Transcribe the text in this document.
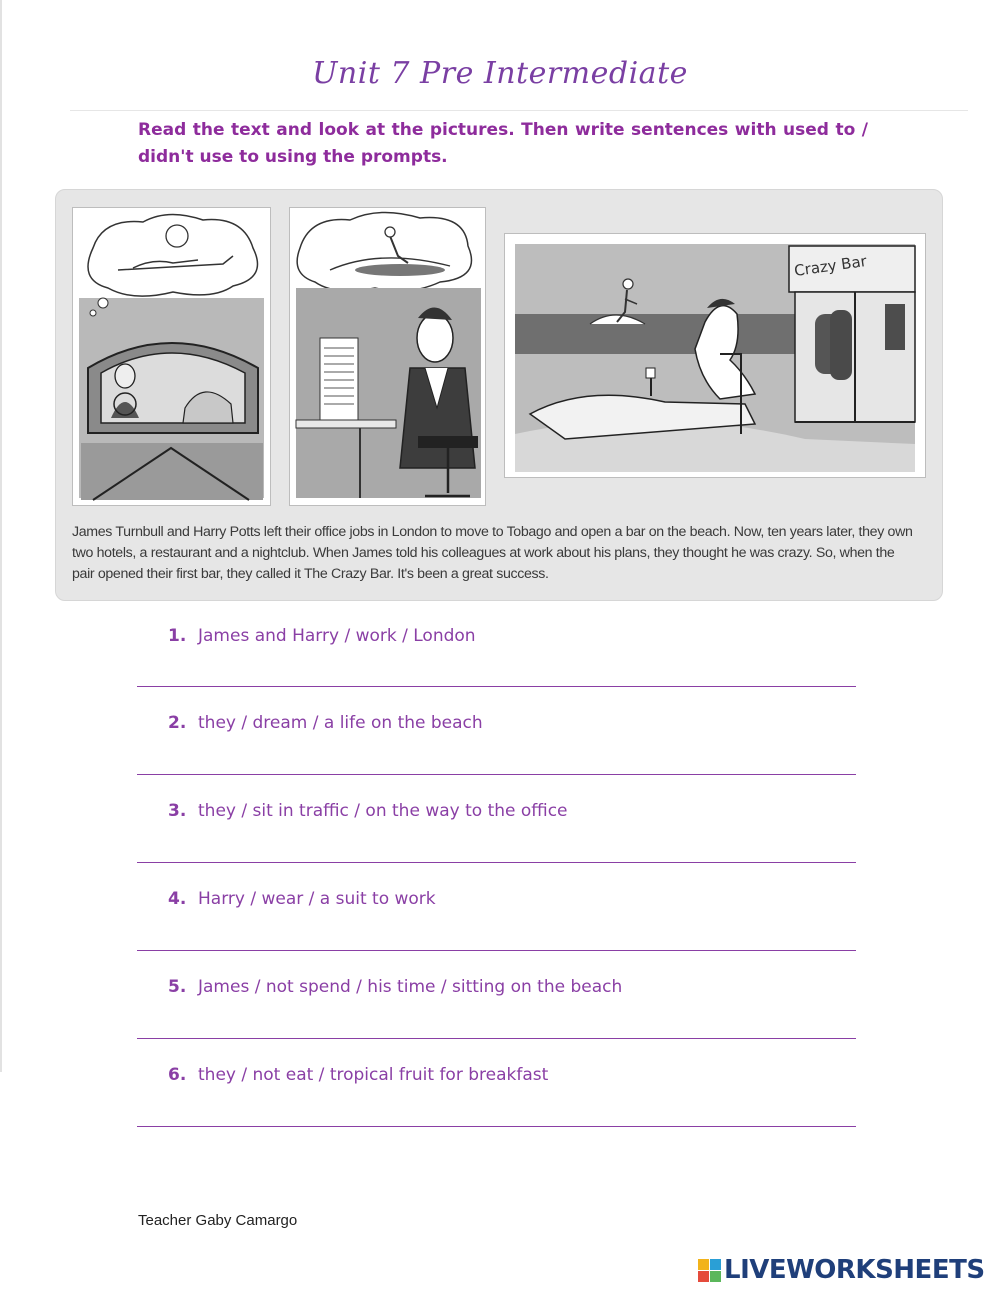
Unit 7 Pre Intermediate
Read the text and look at the pictures. Then write sentences with used to / didn't use to using the prompts.
Crazy Bar
James Turnbull and Harry Potts left their office jobs in London to move to Tobago and open a bar on the beach. Now, ten years later, they own two hotels, a restaurant and a nightclub. When James told his colleagues at work about his plans, they thought he was crazy. So, when the pair opened their first bar, they called it The Crazy Bar. It's been a great success.
1. James and Harry / work / London
2. they / dream / a life on the beach
3. they / sit in traffic / on the way to the office
4. Harry / wear / a suit to work
5. James / not spend / his time / sitting on the beach
6. they / not eat / tropical fruit for breakfast
Teacher Gaby Camargo
LIVEWORKSHEETS
